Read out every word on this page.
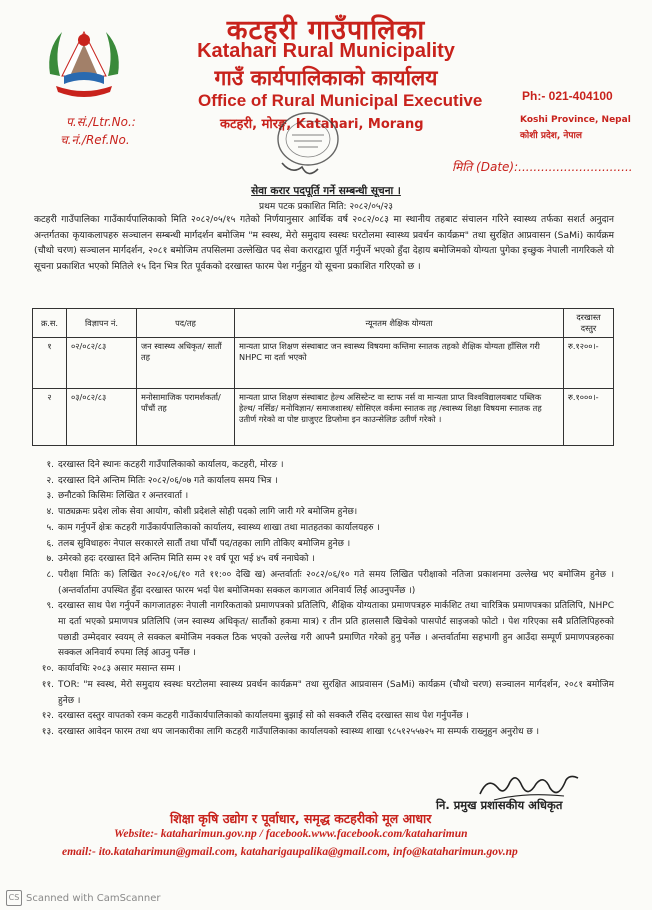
कटहरी गाउँपालिका
Katahari Rural Municipality
गाउँ कार्यपालिकाको कार्यालय
Office of Rural Municipal Executive
कटहरी, मोरङ्ग, Katahari, Morang
Ph:- 021-404100
Koshi Province, Nepal
कोशी प्रदेश, नेपाल
प.सं./Ltr.No.:
च.नं./Ref.No.
मिति (Date):..............................
सेवा करार पदपूर्ति गर्ने सम्बन्धी सूचना ।
प्रथम पटक प्रकाशित मिति: २०८२/०५/२३
कटहरी गाउँपालिका गाउँकार्यपालिकाको मिति २०८२/०५/१५ गतेको निर्णयानुसार आर्थिक वर्ष २०८२/०८३ मा स्थानीय तहबाट संचालन गरिने स्वास्थ्य तर्फका सशर्त अनुदान अन्तर्गतका कृयाकलापहरु सञ्चालन सम्बन्धी मार्गदर्शन बमोजिम "म स्वस्थ, मेरो समुदाय स्वस्थः घरटोलमा स्वास्थ्य प्रवर्धन कार्यक्रम" तथा सुरक्षित आप्रवासन (SaMi) कार्यक्रम (चौथो चरण) सञ्चालन मार्गदर्शन, २०८१ बमोजिम तपसिलमा उल्लेखित पद सेवा करारद्वारा पूर्ति गर्नुपर्ने भएको हुँदा देहाय बमोजिमको योग्यता पुगेका इच्छुक नेपाली नागरिकले यो सूचना प्रकाशित भएको मितिले १५ दिन भित्र रित पूर्वकको दरखास्त फारम पेश गर्नुहुन यो सूचना प्रकाशित गरिएको छ ।
क्र.स.	विज्ञापन नं.	पद/तह	न्यूनतम शैक्षिक योग्यता	दरखास्त दस्तुर
१	०२/०८२/८३	जन स्वास्थ्य अधिकृत/ सातौं तह	मान्यता प्राप्त शिक्षण संस्थाबाट जन स्वास्थ्य विषयमा कम्तिमा स्नातक तहको शैक्षिक योग्यता हाँसिल गरी NHPC मा दर्ता भएको	रु.१२००।-
२	०३/०८२/८३	मनोसामाजिक परामर्शकर्ता/ पाँचौं तह	मान्यता प्राप्त शिक्षण संस्थाबाट हेल्थ असिस्टेन्ट वा स्टाफ नर्स वा मान्यता प्राप्त विश्वविद्यालयबाट पब्लिक हेल्थ/ नर्सिङ/ मनोविज्ञान/ समाजशास्त्र/ सोसिएल वर्कमा स्नातक तह /स्वास्थ्य शिक्षा विषयमा स्नातक तह उतीर्ण गरेको वा पोष्ट ग्राजुएट डिप्लोमा इन काउन्सेलिङ उतीर्ण गरेको ।	रु.१०००।-
१. दरखास्त दिने स्थानः कटहरी गाउँपालिकाको कार्यालय, कटहरी, मोरङ ।
२. दरखास्त दिने अन्तिम मितिः २०८२/०६/०७ गते कार्यालय समय भित्र ।
३. छनौटको किसिमः लिखित र अन्तरवार्ता ।
४. पाठ्यक्रमः प्रदेश लोक सेवा आयोग, कोशी प्रदेशले सोही पदको लागि जारी गरे बमोजिम हुनेछ।
५. काम गर्नुपर्ने क्षेत्रः कटहरी गाउँकार्यपालिकाको कार्यालय, स्वास्थ्य शाखा तथा मातहतका कार्यालयहरु ।
६. तलब सुविधाहरुः नेपाल सरकारले सातौं तथा पाँचौं पद/तहका लागि तोकिए बमोजिम हुनेछ ।
७. उमेरको हदः दरखास्त दिने अन्तिम मिति सम्म २१ वर्ष पूरा भई ४५ वर्ष ननाघेको ।
८. परीक्षा मितिः क) लिखित २०८२/०६/१० गते ११:०० देखि ख) अन्तर्वार्ताः २०८२/०६/१० गते समय लिखित परीक्षाको नतिजा प्रकाशनमा उल्लेख भए बमोजिम हुनेछ ।(अन्तर्वार्तामा उपस्थित हुँदा दरखास्त फारम भर्दा पेश बमोजिमका सक्कल कागजात अनिवार्य लिई आउनुपर्नेछ ।)
९. दरखास्त साथ पेश गर्नुपर्ने कागजातहरुः नेपाली नागरिकताको प्रमाणपत्रको प्रतिलिपि, शैक्षिक योग्यताका प्रमाणपत्रहरु मार्कशिट तथा चारित्रिक प्रमाणपत्रका प्रतिलिपि, NHPC मा दर्ता भएको प्रमाणपत्र प्रतिलिपि (जन स्वास्थ्य अधिकृत/ सातौंको हकमा मात्र) र तीन प्रति हालसालै खिचेको पासपोर्ट साइजको फोटो । पेश गरिएका सबै प्रतिलिपिहरुको पछाडी उम्मेदवार स्वयम् ले सक्कल बमोजिम नक्कल ठिक भएको उल्लेख गरी आफ्नै प्रमाणित गरेको हुनु पर्नेछ । अन्तर्वार्तामा सहभागी हुन आउँदा सम्पूर्ण प्रमाणपत्रहरुका सक्कल अनिवार्य रुपमा लिई आउनु पर्नेछ ।
१०. कार्यावधिः २०८३ असार मसान्त सम्म ।
११. TOR: "म स्वस्थ, मेरो समुदाय स्वस्थः घरटोलमा स्वास्थ्य प्रवर्धन कार्यक्रम" तथा सुरक्षित आप्रवासन (SaMi) कार्यक्रम (चौथो चरण) सञ्चालन मार्गदर्शन, २०८१ बमोजिम हुनेछ ।
१२. दरखास्त दस्तुर वापतको रकम कटहरी गाउँकार्यपालिकाको कार्यालयमा बुझाई सो को सक्कलै रसिद दरखास्त साथ पेश गर्नुपर्नेछ ।
१३. दरखास्त आवेदन फारम तथा थप जानकारीका लागि कटहरी गाउँपालिकाका कार्यालयको स्वास्थ्य शाखा ९८५१२५५७२५ मा सम्पर्क राख्नुहुन अनुरोध छ ।
नि. प्रमुख प्रशासकीय अधिकृत
शिक्षा कृषि उद्योग र पूर्वाधार, समृद्ध कटहरीको मूल आधार
Website:- kataharimun.gov.np / facebook.www.facebook.com/kataharimun
email:- ito.kataharimun@gmail.com, kataharigaupalika@gmail.com, info@kataharimun.gov.np
CS Scanned with CamScanner
